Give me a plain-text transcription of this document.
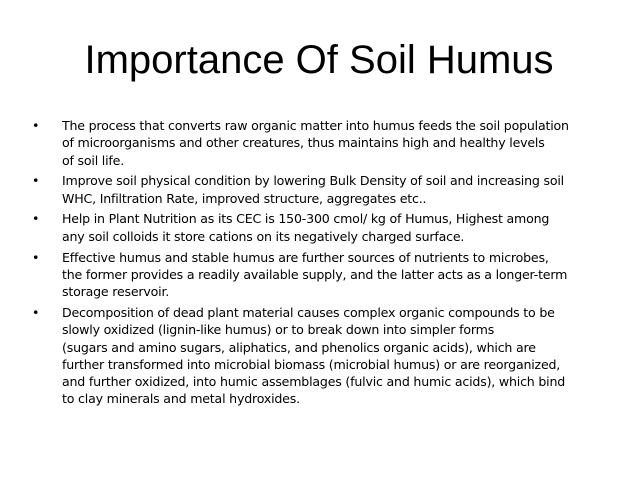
Importance Of Soil Humus
•	The process that converts raw organic matter into humus feeds the soil population
of microorganisms and other creatures, thus maintains high and healthy levels
of soil life.
•	Improve soil physical condition by lowering Bulk Density of soil and increasing soil
WHC, Infiltration Rate, improved structure, aggregates etc..
•	Help in Plant Nutrition as its CEC is 150-300 cmol/ kg of Humus, Highest among
any soil colloids it store cations on its negatively charged surface.
•	Effective humus and stable humus are further sources of nutrients to microbes,
the former provides a readily available supply, and the latter acts as a longer-term
storage reservoir.
•	Decomposition of dead plant material causes complex organic compounds to be
slowly oxidized (lignin-like humus) or to break down into simpler forms
(sugars and amino sugars, aliphatics, and phenolics organic acids), which are
further transformed into microbial biomass (microbial humus) or are reorganized,
and further oxidized, into humic assemblages (fulvic and humic acids), which bind
to clay minerals and metal hydroxides.
